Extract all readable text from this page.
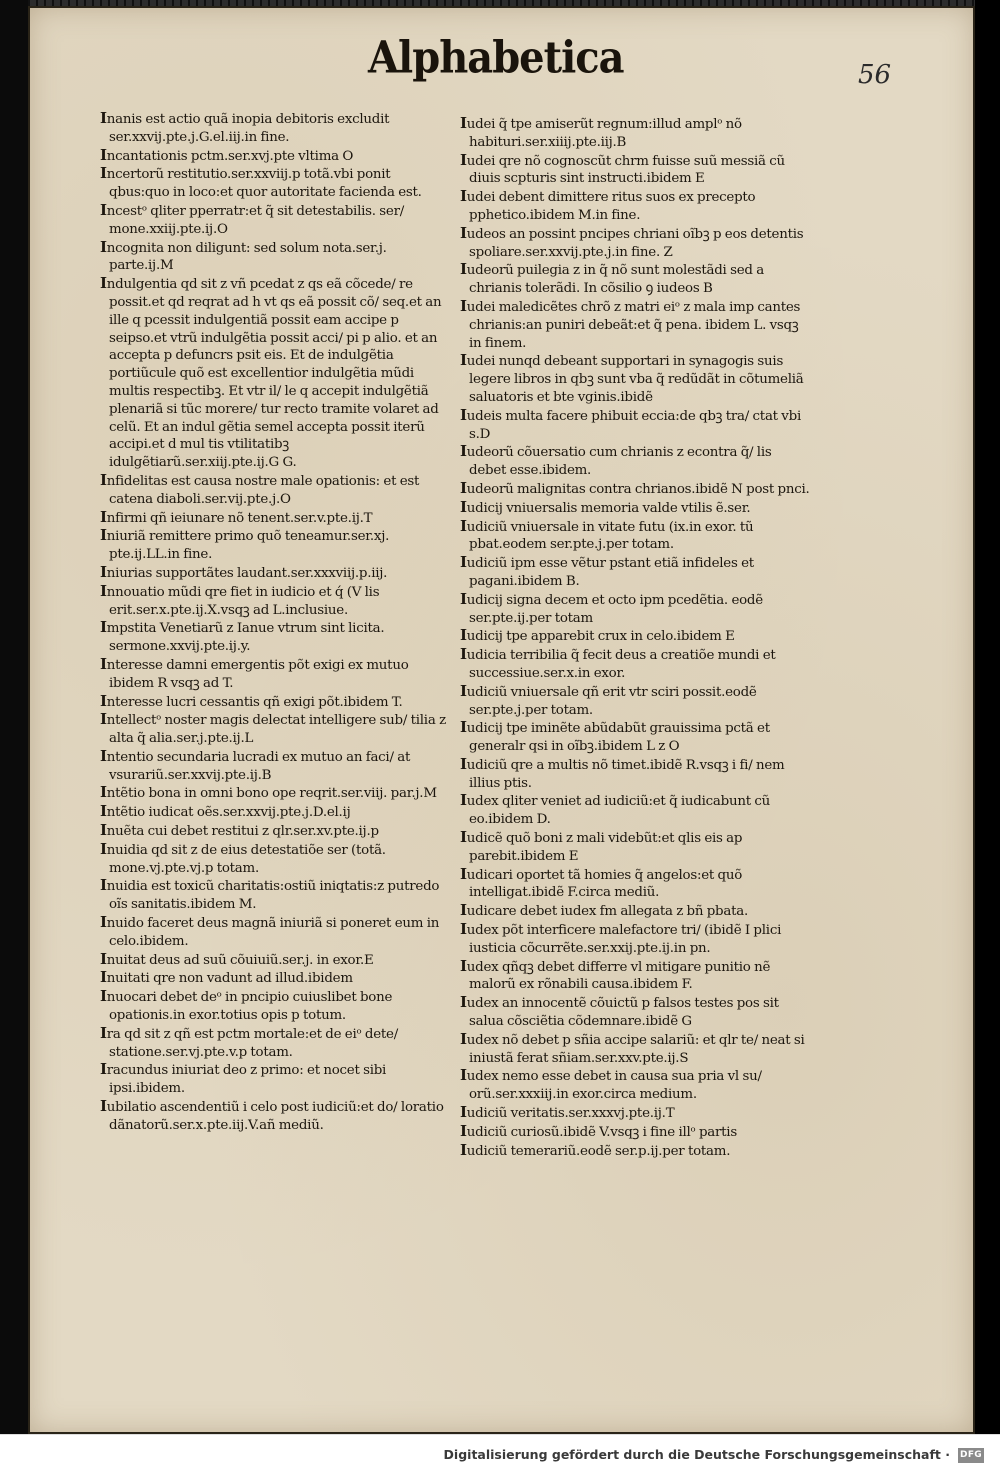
Alphabetica	56

Inanis est actio quã inopia debitoris excludit ser.xxvij.pte.j.G.el.iij.in fine.

Incantationis pctm.ser.xvj.pte vltima O

Incertorũ restitutio.ser.xxviij.p totã.vbi ponit qbus:quo in loco:et quor autoritate facienda est.

Incestᵒ qliter pperratr:et q̃ sit detestabilis. ser/ mone.xxiij.pte.ij.O

Incognita non diligunt: sed solum nota.ser.j. parte.ij.M

Indulgentia qd sit z vñ pcedat z qs eã cõcede/ re possit.et qd reqrat ad h vt qs eã possit cõ/ seq.et an ille q pcessit indulgentiã possit eam accipe p seipso.et vtrũ indulgẽtia possit acci/ pi p alio. et an accepta p defuncrs psit eis. Et de indulgẽtia portiũcule quõ est excellentior indulgẽtia mũdi multis respectibꝫ. Et vtr il/ le q accepit indulgẽtiã plenariã si tũc morere/ tur recto tramite volaret ad celũ. Et an indul gẽtia semel accepta possit iterũ accipi.et d mul tis vtilitatibꝫ idulgẽtiarũ.ser.xiij.pte.ij.G G.

Infidelitas est causa nostre male opationis: et est catena diaboli.ser.vij.pte.j.O

Infirmi qñ ieiunare nõ tenent.ser.v.pte.ij.T

Iniuriã remittere primo quõ teneamur.ser.xj. pte.ij.LL.in fine.

Iniurias supportãtes laudant.ser.xxxviij.p.iij.

Innouatio mũdi qre fiet in iudicio et q́ (V lis erit.ser.x.pte.ij.X.vsqꝫ ad L.inclusiue.

Impstita Venetiarũ z Ianue vtrum sint licita. sermone.xxvij.pte.ij.y.

Interesse damni emergentis põt exigi ex mutuo ibidem R vsqꝫ ad T.

Interesse lucri cessantis qñ exigi põt.ibidem T.

Intellectᵒ noster magis delectat intelligere sub/ tilia z alta q̃ alia.ser.j.pte.ij.L

Intentio secundaria lucradi ex mutuo an faci/ at vsurariũ.ser.xxvij.pte.ij.B

Intẽtio bona in omni bono ope reqrit.ser.viij. par.j.M

Intẽtio iudicat oẽs.ser.xxvij.pte.j.D.el.ij

Inuẽta cui debet restitui z qlr.ser.xv.pte.ij.p

Inuidia qd sit z de eius detestatiõe ser (totã. mone.vj.pte.vj.p totam.

Inuidia est toxicũ charitatis:ostiũ iniqtatis:z putredo oĩs sanitatis.ibidem M.

Inuido faceret deus magnã iniuriã si poneret eum in celo.ibidem.

Inuitat deus ad suũ cõuiuiũ.ser.j. in exor.E

Inuitati qre non vadunt ad illud.ibidem

Inuocari debet deᵒ in pncipio cuiuslibet bone opationis.in exor.totius opis p totum.

Ira qd sit z qñ est pctm mortale:et de eiᵒ dete/ statione.ser.vj.pte.v.p totam.

Iracundus iniuriat deo z primo: et nocet sibi ipsi.ibidem.

Iubilatio ascendentiũ i celo post iudiciũ:et do/ loratio dãnatorũ.ser.x.pte.iij.V.añ mediũ.

Iudei q̃ tpe amiserũt regnum:illud amplᵒ nõ habituri.ser.xiiij.pte.iij.B

Iudei qre nõ cognoscũt chrm fuisse suũ messiã cũ diuis scpturis sint instructi.ibidem E

Iudei debent dimittere ritus suos ex precepto pphetico.ibidem M.in fine.

Iudeos an possint pncipes chriani oĩbꝫ p eos detentis spoliare.ser.xxvij.pte.j.in fine. Z

Iudeorũ puilegia z in q̃ nõ sunt molestãdi sed a chrianis tolerãdi. In cõsilio ꝯ iudeos B

Iudei maledicẽtes chrõ z matri eiᵒ z mala imp cantes chrianis:an puniri debeãt:et q̃ pena. ibidem L. vsqꝫ in finem.

Iudei nunqd debeant supportari in synagogis suis legere libros in qbꝫ sunt vba q̃ redũdãt in cõtumeliã saluatoris et bte vginis.ibidẽ

Iudeis multa facere phibuit eccia:de qbꝫ tra/ ctat vbi s.D

Iudeorũ cõuersatio cum chrianis z econtra q̃/ lis debet esse.ibidem.

Iudeorũ malignitas contra chrianos.ibidẽ N post pnci.

Iudicij vniuersalis memoria valde vtilis ẽ.ser.

Iudiciũ vniuersale in vitate futu (ix.in exor. tũ pbat.eodem ser.pte.j.per totam.

Iudiciũ ipm esse vẽtur pstant etiã infideles et pagani.ibidem B.

Iudicij signa decem et octo ipm pcedẽtia. eodẽ ser.pte.ij.per totam

Iudicij tpe apparebit crux in celo.ibidem E

Iudicia terribilia q̃ fecit deus a creatiõe mundi et successiue.ser.x.in exor.

Iudiciũ vniuersale qñ erit vtr sciri possit.eodẽ ser.pte.j.per totam.

Iudicij tpe iminẽte abũdabũt grauissima pctã et generalr qsi in oĩbꝫ.ibidem L z O

Iudiciũ qre a multis nõ timet.ibidẽ R.vsqꝫ i fi/ nem illius ptis.

Iudex qliter veniet ad iudiciũ:et q̃ iudicabunt cũ eo.ibidem D.

Iudicẽ quõ boni z mali videbũt:et qlis eis ap parebit.ibidem E

Iudicari oportet tã homies q̃ angelos:et quõ intelligat.ibidẽ F.circa mediũ.

Iudicare debet iudex fm allegata z bñ pbata.

Iudex põt interficere malefactore tri/ (ibidẽ I plici iusticia cõcurrẽte.ser.xxij.pte.ij.in pn.

Iudex qñqꝫ debet differre vl mitigare punitio nẽ malorũ ex rõnabili causa.ibidem F.

Iudex an innocentẽ cõuictũ p falsos testes pos sit salua cõsciẽtia cõdemnare.ibidẽ G

Iudex nõ debet p sñia accipe salariũ: et qlr te/ neat si iniustã ferat sñiam.ser.xxv.pte.ij.S

Iudex nemo esse debet in causa sua pria vl su/ orũ.ser.xxxiij.in exor.circa medium.

Iudiciũ veritatis.ser.xxxvj.pte.ij.T

Iudiciũ curiosũ.ibidẽ V.vsqꝫ i fine illᵒ partis

Iudiciũ temerariũ.eodẽ ser.p.ij.per totam.

Digitalisierung gefördert durch die Deutsche Forschungsgemeinschaft · DFG
